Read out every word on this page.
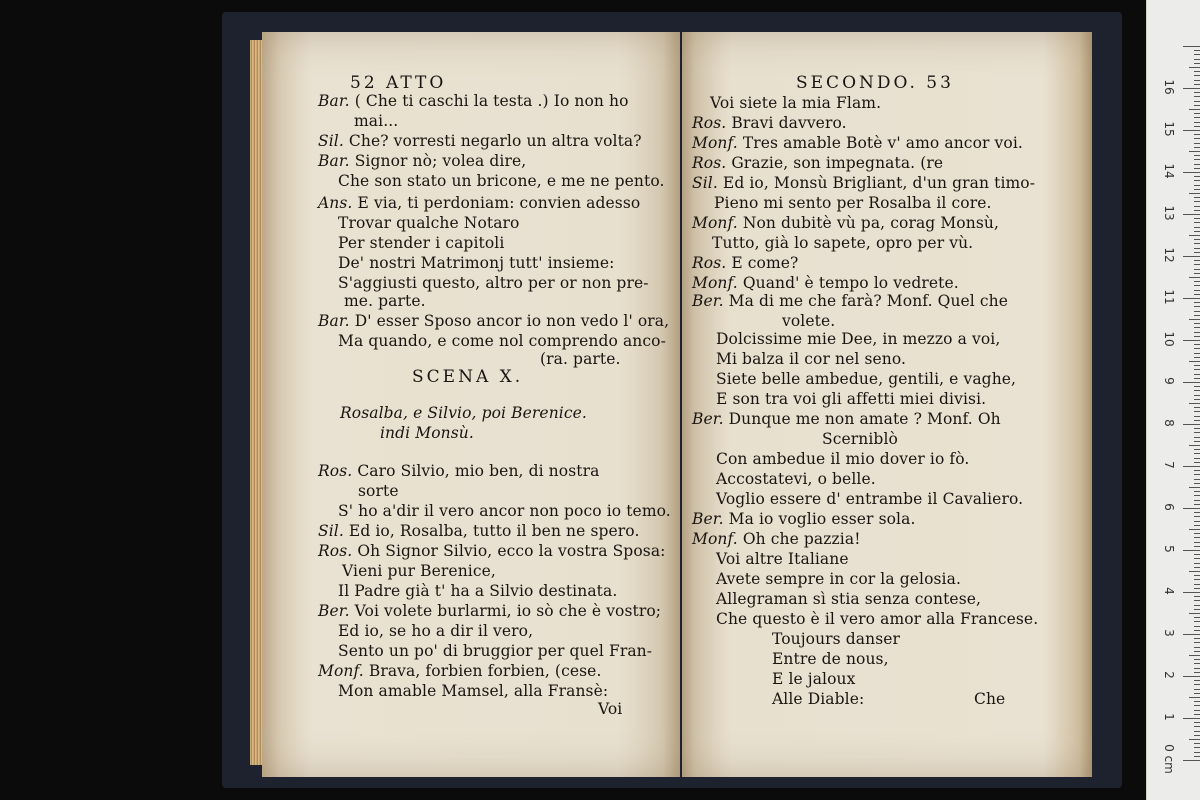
52 ATTO
Bar. ( Che ti caschi la testa .) Io non ho
mai...
Sil. Che? vorresti negarlo un altra volta?
Bar. Signor nò; volea dire,
Che son stato un bricone, e me ne pento.
Ans. E via, ti perdoniam: convien adesso
Trovar qualche Notaro
Per stender i capitoli
De' nostri Matrimonj tutt' insieme:
S'aggiusti questo, altro per or non pre-
me. parte.
Bar. D' esser Sposo ancor io non vedo l' ora,
Ma quando, e come nol comprendo anco-
(ra. parte.
SCENA X.
Rosalba, e Silvio, poi Berenice.
indi Monsù.
Ros. Caro Silvio, mio ben, di nostra
sorte
S' ho a'dir il vero ancor non poco io temo.
Sil. Ed io, Rosalba, tutto il ben ne spero.
Ros. Oh Signor Silvio, ecco la vostra Sposa:
Vieni pur Berenice,
Il Padre già t' ha a Silvio destinata.
Ber. Voi volete burlarmi, io sò che è vostro;
Ed io, se ho a dir il vero,
Sento un po' di bruggior per quel Fran-
Monf. Brava, forbien forbien, (cese.
Mon amable Mamsel, alla Fransè:
Voi
SECONDO. 53
Voi siete la mia Flam.
Ros. Bravi davvero.
Monf. Tres amable Botè v' amo ancor voi.
Ros. Grazie, son impegnata. (re
Sil. Ed io, Monsù Brigliant, d'un gran timo-
Pieno mi sento per Rosalba il core.
Monf. Non dubitè vù pa, corag Monsù,
Tutto, già lo sapete, opro per vù.
Ros. E come?
Monf. Quand' è tempo lo vedrete.
Ber. Ma di me che farà? Monf. Quel che
volete.
Dolcissime mie Dee, in mezzo a voi,
Mi balza il cor nel seno.
Siete belle ambedue, gentili, e vaghe,
E son tra voi gli affetti miei divisi.
Ber. Dunque me non amate ? Monf. Oh
Scerniblò
Con ambedue il mio dover io fò.
Accostatevi, o belle.
Voglio essere d' entrambe il Cavaliero.
Ber. Ma io voglio esser sola.
Monf. Oh che pazzia!
Voi altre Italiane
Avete sempre in cor la gelosia.
Allegraman sì stia senza contese,
Che questo è il vero amor alla Francese.
Toujours danser
Entre de nous,
E le jaloux
Alle Diable:	Che
0 cm
1
2
3
4
5
6
7
8
9
10
11
12
13
14
15
16
